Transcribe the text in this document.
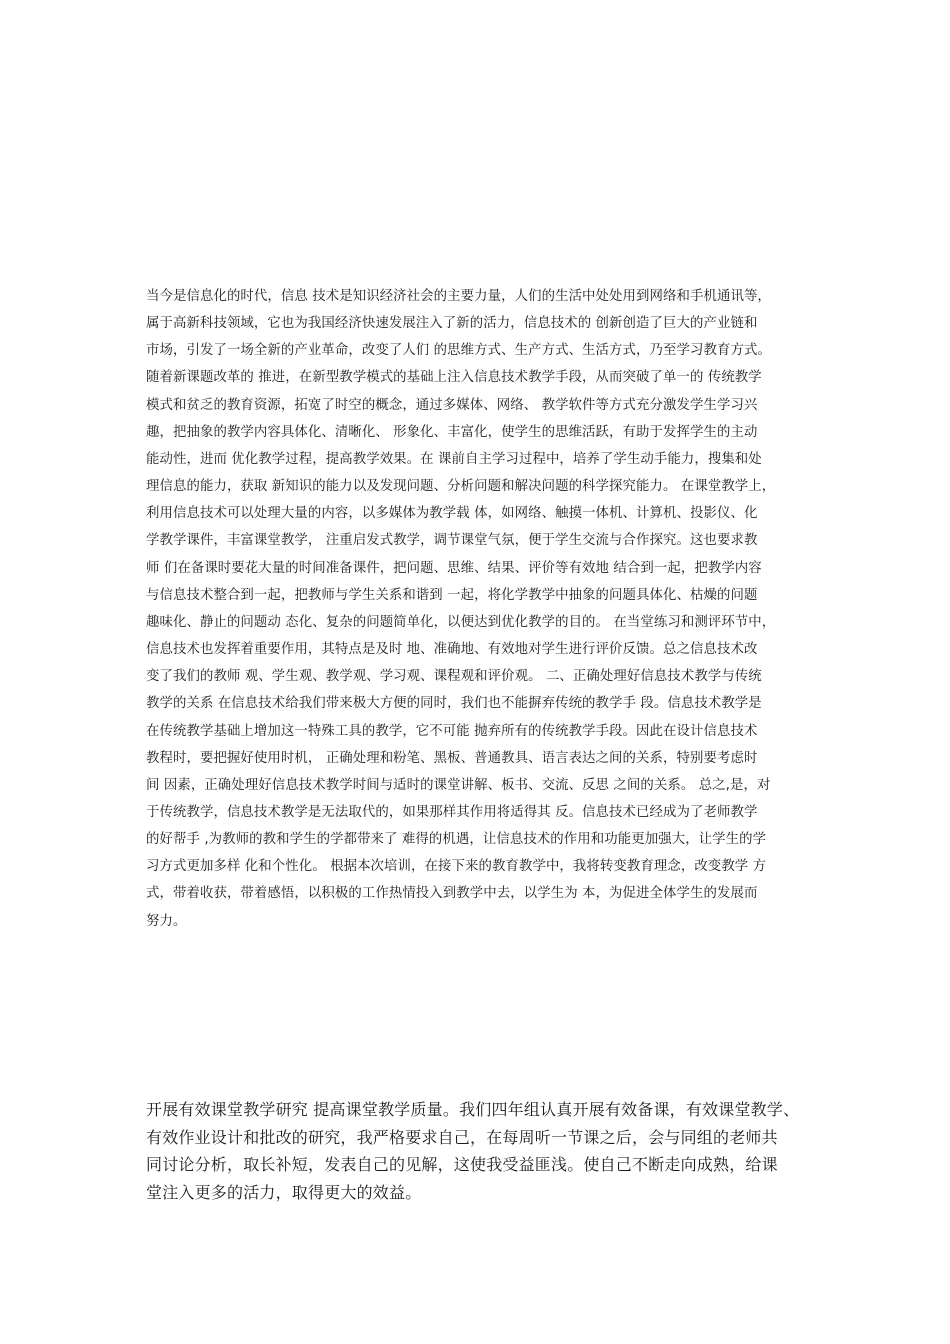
当今是信息化的时代，信息 技术是知识经济社会的主要力量，人们的生活中处处用到网络和手机通讯等，
属于高新科技领域，它也为我国经济快速发展注入了新的活力，信息技术的 创新创造了巨大的产业链和
市场，引发了一场全新的产业革命，改变了人们 的思维方式、生产方式、生活方式，乃至学习教育方式。
随着新课题改革的 推进，在新型教学模式的基础上注入信息技术教学手段，从而突破了单一的 传统教学
模式和贫乏的教育资源，拓宽了时空的概念，通过多媒体、网络、 教学软件等方式充分激发学生学习兴
趣，把抽象的教学内容具体化、清晰化、 形象化、丰富化，使学生的思维活跃，有助于发挥学生的主动
能动性，进而 优化教学过程，提高教学效果。在 课前自主学习过程中，培养了学生动手能力，搜集和处
理信息的能力，获取 新知识的能力以及发现问题、分析问题和解决问题的科学探究能力。 在课堂教学上，
利用信息技术可以处理大量的内容，以多媒体为教学载 体，如网络、触摸一体机、计算机、投影仪、化
学教学课件，丰富课堂教学， 注重启发式教学，调节课堂气氛，便于学生交流与合作探究。这也要求教
师 们在备课时要花大量的时间准备课件，把问题、思维、结果、评价等有效地 结合到一起，把教学内容
与信息技术整合到一起，把教师与学生关系和谐到 一起，将化学教学中抽象的问题具体化、枯燥的问题
趣味化、静止的问题动 态化、复杂的问题简单化，以便达到优化教学的目的。 在当堂练习和测评环节中，
信息技术也发挥着重要作用，其特点是及时 地、准确地、有效地对学生进行评价反馈。总之信息技术改
变了我们的教师 观、学生观、教学观、学习观、课程观和评价观。 二、正确处理好信息技术教学与传统
教学的关系 在信息技术给我们带来极大方便的同时，我们也不能摒弃传统的教学手 段。信息技术教学是
在传统教学基础上增加这一特殊工具的教学，它不可能 抛弃所有的传统教学手段。因此在设计信息技术
教程时，要把握好使用时机， 正确处理和粉笔、黑板、普通教具、语言表达之间的关系，特别要考虑时
间 因素，正确处理好信息技术教学时间与适时的课堂讲解、板书、交流、反思 之间的关系。 总之,是，对
于传统教学，信息技术教学是无法取代的，如果那样其作用将适得其 反。信息技术已经成为了老师教学
的好帮手 ,为教师的教和学生的学都带来了 难得的机遇，让信息技术的作用和功能更加强大，让学生的学
习方式更加多样 化和个性化。 根据本次培训，在接下来的教育教学中，我将转变教育理念，改变教学 方
式，带着收获，带着感悟，以积极的工作热情投入到教学中去，以学生为 本，为促进全体学生的发展而
努力。
开展有效课堂教学研究 提高课堂教学质量。我们四年组认真开展有效备课，有效课堂教学、
有效作业设计和批改的研究，我严格要求自己，在每周听一节课之后，会与同组的老师共
同讨论分析，取长补短，发表自己的见解，这使我受益匪浅。使自己不断走向成熟，给课
堂注入更多的活力，取得更大的效益。
